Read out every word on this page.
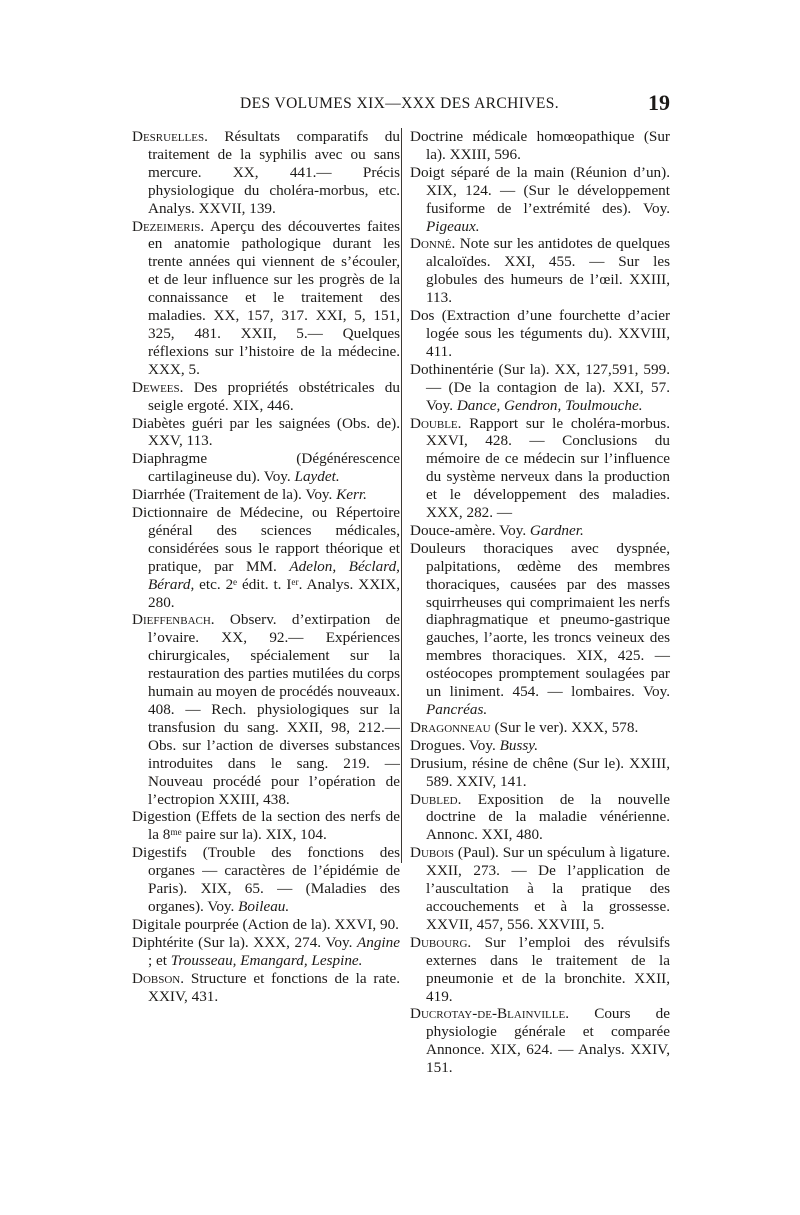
DES VOLUMES XIX—XXX DES ARCHIVES.	19

Desruelles. Résultats comparatifs du traitement de la syphilis avec ou sans mercure. XX, 441.— Précis physiologique du choléra-morbus, etc. Analys. XXVII, 139.

Dezeimeris. Aperçu des découvertes faites en anatomie pathologique durant les trente années qui viennent de s’écouler, et de leur influence sur les progrès de la connaissance et le traitement des maladies. XX, 157, 317. XXI, 5, 151, 325, 481. XXII, 5.— Quelques réflexions sur l’histoire de la médecine. XXX, 5.

Dewees. Des propriétés obstétricales du seigle ergoté. XIX, 446.

Diabètes guéri par les saignées (Obs. de). XXV, 113.

Diaphragme (Dégénérescence cartilagineuse du). Voy. Laydet.

Diarrhée (Traitement de la). Voy. Kerr.

Dictionnaire de Médecine, ou Répertoire général des sciences médicales, considérées sous le rapport théorique et pratique, par MM. Adelon, Béclard, Bérard, etc. 2ᵉ édit. t. Iᵉʳ. Analys. XXIX, 280.

Dieffenbach. Observ. d’extirpation de l’ovaire. XX, 92.— Expériences chirurgicales, spécialement sur la restauration des parties mutilées du corps humain au moyen de procédés nouveaux. 408. — Rech. physiologiques sur la transfusion du sang. XXII, 98, 212.— Obs. sur l’action de diverses substances introduites dans le sang. 219. — Nouveau procédé pour l’opération de l’ectropion XXIII, 438.

Digestion (Effets de la section des nerfs de la 8ᵐᵉ paire sur la). XIX, 104.

Digestifs (Trouble des fonctions des organes — caractères de l’épidémie de Paris). XIX, 65. — (Maladies des organes). Voy. Boileau.

Digitale pourprée (Action de la). XXVI, 90.

Diphtérite (Sur la). XXX, 274. Voy. Angine ; et Trousseau, Emangard, Lespine.

Dobson. Structure et fonctions de la rate. XXIV, 431.

Doctrine médicale homœopathique (Sur la). XXIII, 596.

Doigt séparé de la main (Réunion d’un). XIX, 124. — (Sur le développement fusiforme de l’extrémité des). Voy. Pigeaux.

Donné. Note sur les antidotes de quelques alcaloïdes. XXI, 455. — Sur les globules des humeurs de l’œil. XXIII, 113.

Dos (Extraction d’une fourchette d’acier logée sous les téguments du). XXVIII, 411.

Dothinentérie (Sur la). XX, 127,591, 599. — (De la contagion de la). XXI, 57. Voy. Dance, Gendron, Toulmouche.

Double. Rapport sur le choléra-morbus. XXVI, 428. — Conclusions du mémoire de ce médecin sur l’influence du système nerveux dans la production et le développement des maladies. XXX, 282. —

Douce-amère. Voy. Gardner.

Douleurs thoraciques avec dyspnée, palpitations, œdème des membres thoraciques, causées par des masses squirrheuses qui comprimaient les nerfs diaphragmatique et pneumo-gastrique gauches, l’aorte, les troncs veineux des membres thoraciques. XIX, 425. — ostéocopes promptement soulagées par un liniment. 454. — lombaires. Voy. Pancréas.

Dragonneau (Sur le ver). XXX, 578.

Drogues. Voy. Bussy.

Drusium, résine de chêne (Sur le). XXIII, 589. XXIV, 141.

Dubled. Exposition de la nouvelle doctrine de la maladie vénérienne. Annonc. XXI, 480.

Dubois (Paul). Sur un spéculum à ligature. XXII, 273. — De l’application de l’auscultation à la pratique des accouchements et à la grossesse. XXVII, 457, 556. XXVIII, 5.

Dubourg. Sur l’emploi des révulsifs externes dans le traitement de la pneumonie et de la bronchite. XXII, 419.

Ducrotay-de-Blainville. Cours de physiologie générale et comparée Annonce. XIX, 624. — Analys. XXIV, 151.
